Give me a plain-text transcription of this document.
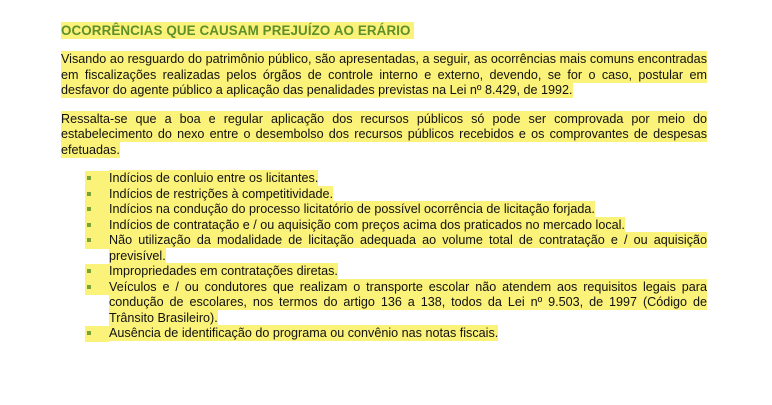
OCORRÊNCIAS QUE CAUSAM PREJUÍZO AO ERÁRIO

Visando ao resguardo do patrimônio público, são apresentadas, a seguir, as ocorrências mais comuns encontradas em fiscalizações realizadas pelos órgãos de controle interno e externo, devendo, se for o caso, postular em desfavor do agente público a aplicação das penalidades previstas na Lei nº 8.429, de 1992.

Ressalta-se que a boa e regular aplicação dos recursos públicos só pode ser comprovada por meio do estabelecimento do nexo entre o desembolso dos recursos públicos recebidos e os comprovantes de despesas efetuadas.

Indícios de conluio entre os licitantes.
Indícios de restrições à competitividade.
Indícios na condução do processo licitatório de possível ocorrência de licitação forjada.
Indícios de contratação e / ou aquisição com preços acima dos praticados no mercado local.
Não utilização da modalidade de licitação adequada ao volume total de contratação e / ou aquisição previsível.
Impropriedades em contratações diretas.
Veículos e / ou condutores que realizam o transporte escolar não atendem aos requisitos legais para condução de escolares, nos termos do artigo 136 a 138, todos da Lei nº 9.503, de 1997 (Código de Trânsito Brasileiro).
Ausência de identificação do programa ou convênio nas notas fiscais.
